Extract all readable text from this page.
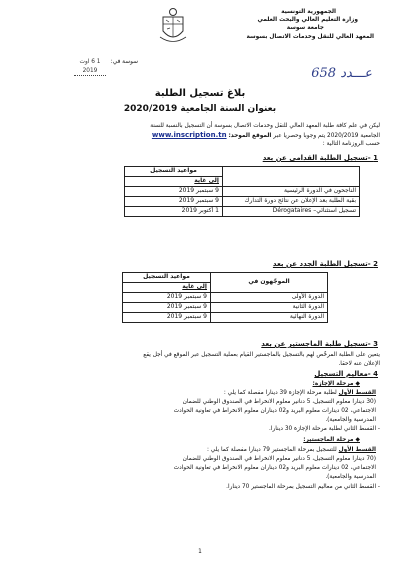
الجمهورية التونسية
وزارة التعليم العالي والبحث العلمي
جامعة سوسة
المعهد العالي للنقل وخدمات الاتصال بسوسة
سوسة في:
1 6 اوت 2019	عـــدد 658
بلاغ تسجيل الطلبة
بعنوان السنة الجامعية 2020/2019
ليكن في علم كافة طلبة المعهد العالي للنقل وخدمات الاتصال بسوسة أن التسجيل بالنسبة للسنة
الجامعية 2020/2019 يتم وجوبا وحصريا عبر الموقع الموحد: www.inscription.tn
حسب الروزنامة التالية :
1 -تسجيل الطلبة القدامى عن بعد
	مواعيد التسجيل
	إلى غاية
الناجحون في الدورة الرئيسية	9 سبتمبر 2019
بقية الطلبة بعد الإعلان عن نتائج دورة التدارك	9 سبتمبر 2019
تسجيل استثنائي– Dérogataires	1 أكتوبر 2019
2 -تسجيل الطلبة الجدد عن بعد
الموجّهون في	مواعيد التسجيل
	إلى غاية
الدورة الأولى	9 سبتمبر 2019
الدورة الثانية	9 سبتمبر 2019
الدورة النهائية	9 سبتمبر 2019
3 -تسجيل طلبة الماجستير عن بعد
يتعين على الطلبة المرخّص لهم بالتسجيل بالماجستير القيام بعملية التسجيل عبر الموقع في أجل يقع
الإعلان عنه لاحقا.
4 -معاليم التسجيل
◆ مرحلة الإجازة:
القسط الأول لطلبة مرحلة الإجازة 39 دينارا مفصلة كما يلي :
(30 دينارا معلوم التسجيل، 5 دنانير معلوم الانخراط في الصندوق الوطني للضمان
الاجتماعي، 02 دينارات معلوم البريد و02 ديناران معلوم الانخراط في تعاونية الحوادث
المدرسية والجامعية).
- القسط الثاني لطلبة مرحلة الإجازة 30 دينارا.
◆ مرحلة الماجستير:
القسط الأول للتسجيل بمرحلة الماجستير 79 دينارا مفصلة كما يلي :
(70 دينارا معلوم التسجيل، 5 دنانير معلوم الانخراط في الصندوق الوطني للضمان
الاجتماعي، 02 دينارات معلوم البريد و02 ديناران معلوم الانخراط في تعاونية الحوادث
المدرسية والجامعية).
- القسط الثاني من معاليم التسجيل بمرحلة الماجستير 70 دينارا.
1
